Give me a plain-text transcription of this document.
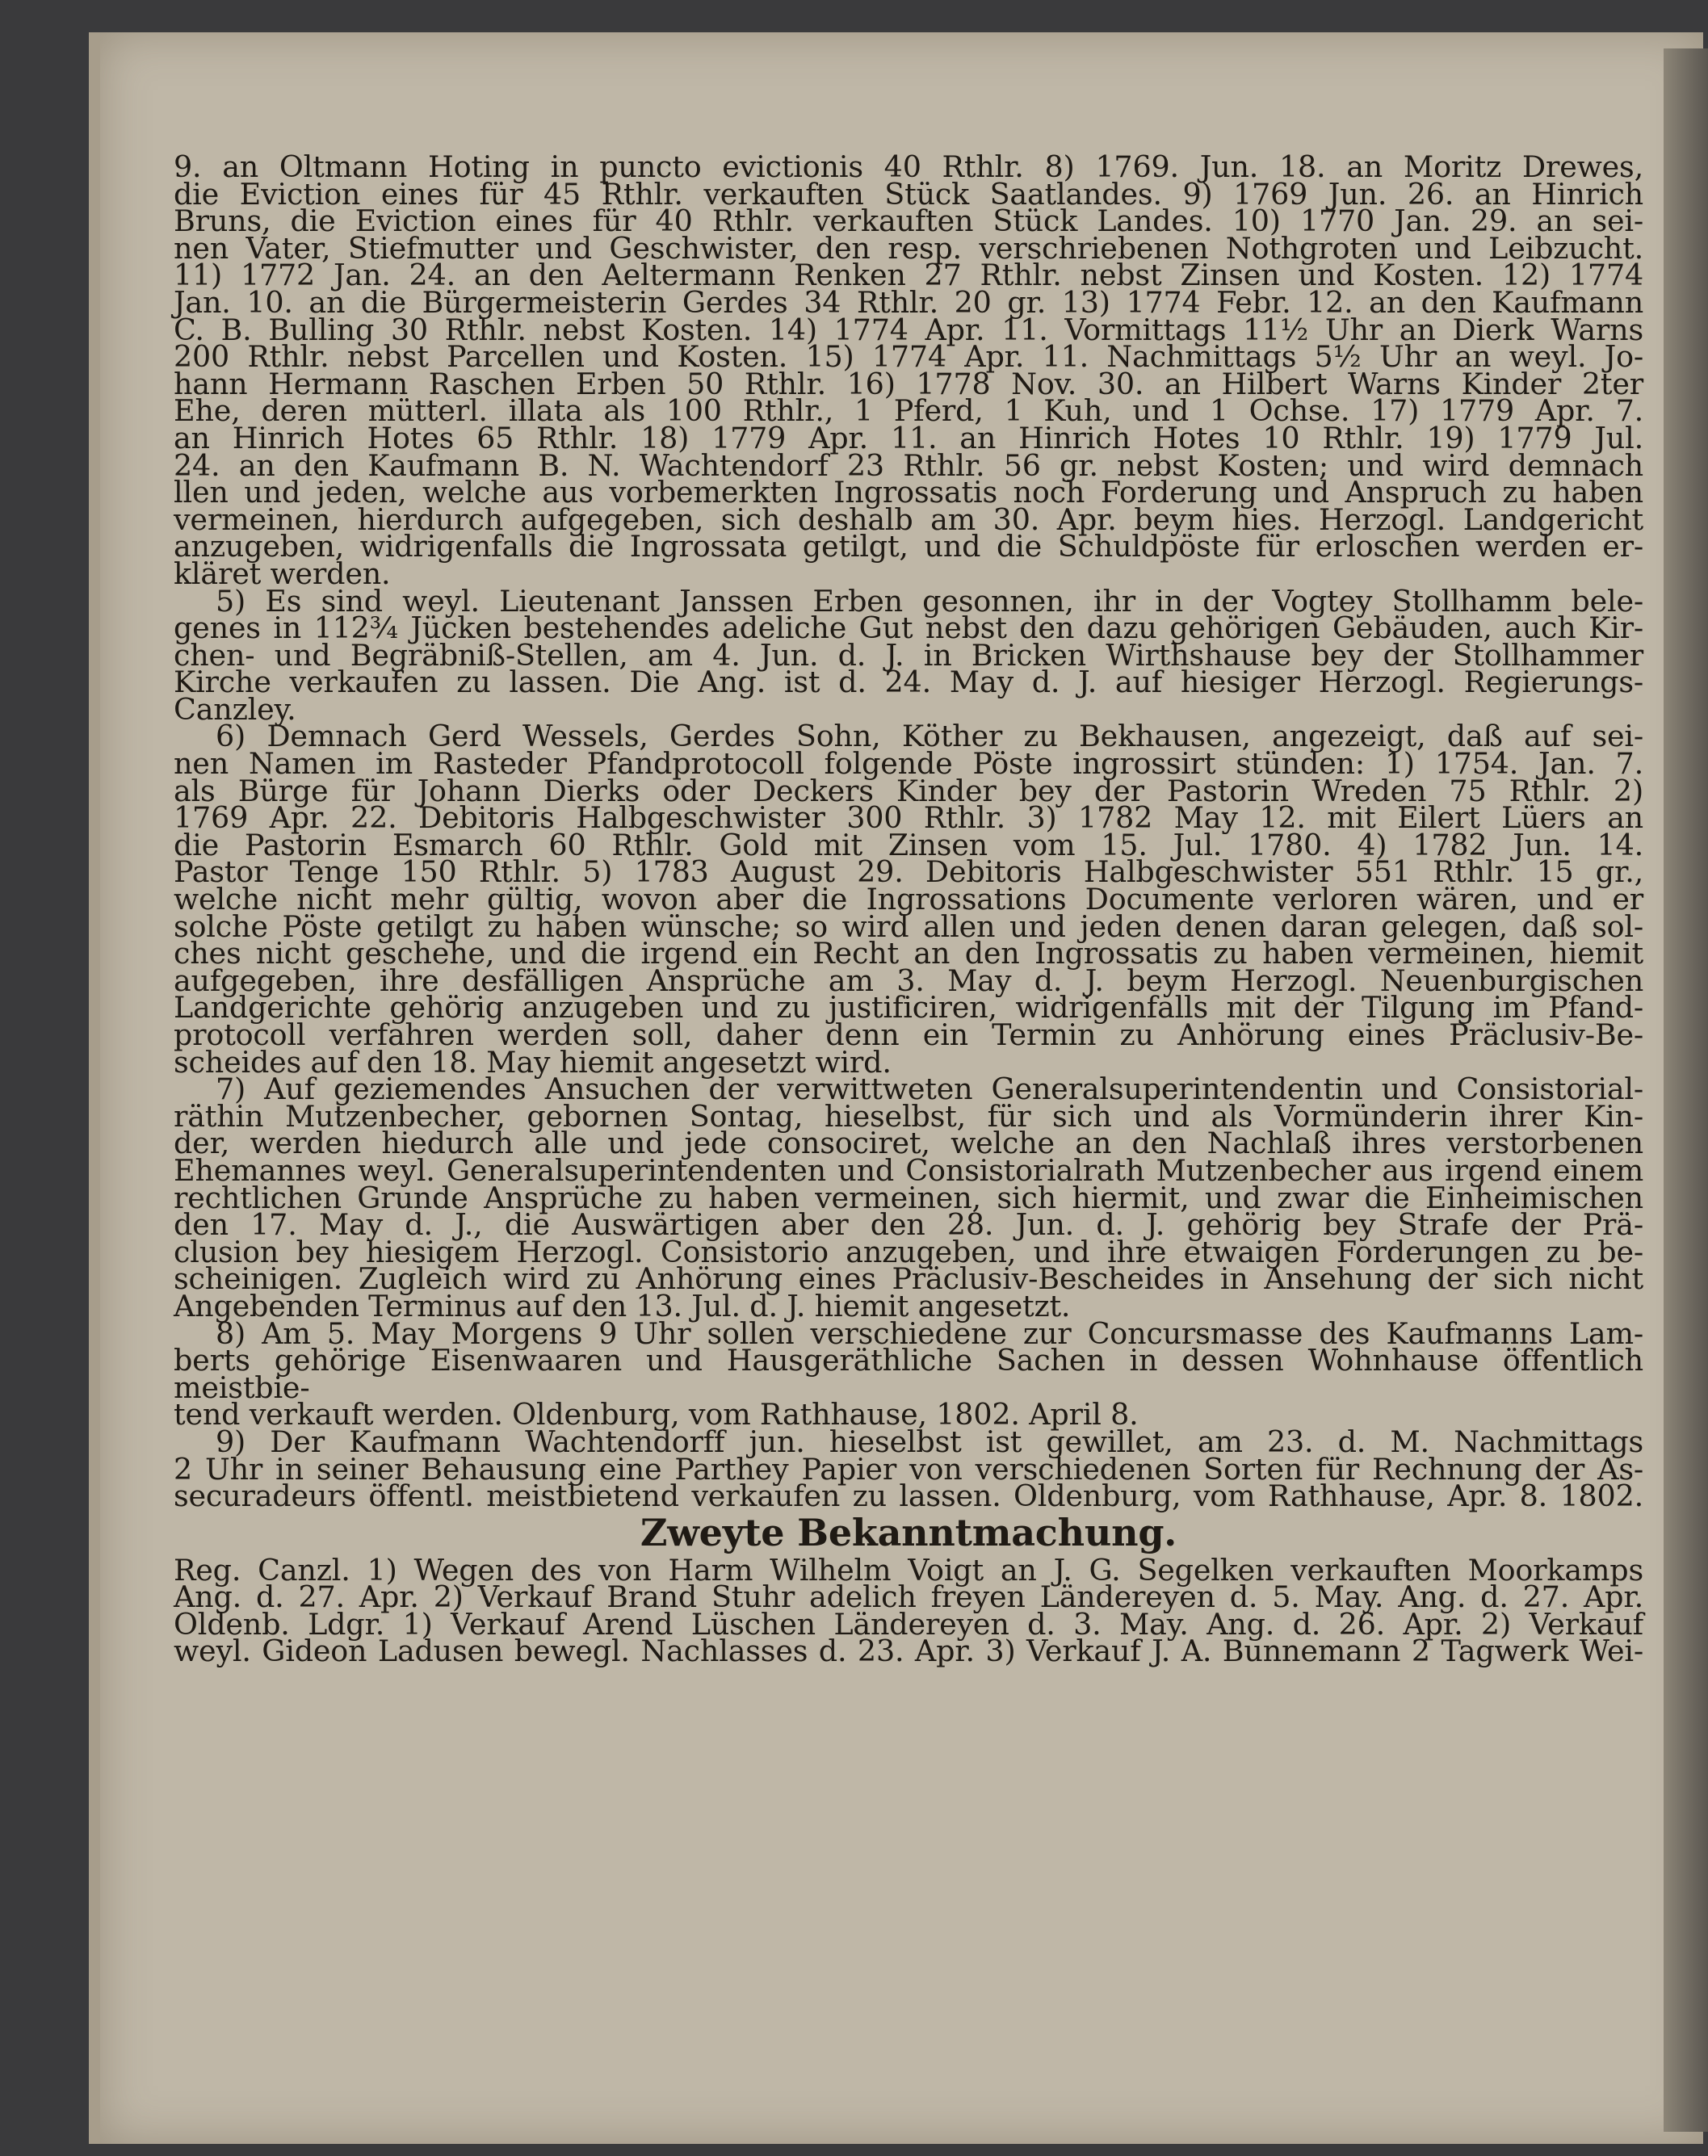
9. an Oltmann Hoting in puncto evictionis 40 Rthlr. 8) 1769. Jun. 18. an Moritz Drewes,

die Eviction eines für 45 Rthlr. verkauften Stück Saatlandes. 9) 1769 Jun. 26. an Hinrich

Bruns, die Eviction eines für 40 Rthlr. verkauften Stück Landes. 10) 1770 Jan. 29. an sei-

nen Vater, Stiefmutter und Geschwister, den resp. verschriebenen Nothgroten und Leibzucht.

11) 1772 Jan. 24. an den Aeltermann Renken 27 Rthlr. nebst Zinsen und Kosten. 12) 1774

Jan. 10. an die Bürgermeisterin Gerdes 34 Rthlr. 20 gr. 13) 1774 Febr. 12. an den Kaufmann

C. B. Bulling 30 Rthlr. nebst Kosten. 14) 1774 Apr. 11. Vormittags 11½ Uhr an Dierk Warns

200 Rthlr. nebst Parcellen und Kosten. 15) 1774 Apr. 11. Nachmittags 5½ Uhr an weyl. Jo-

hann Hermann Raschen Erben 50 Rthlr. 16) 1778 Nov. 30. an Hilbert Warns Kinder 2ter

Ehe, deren mütterl. illata als 100 Rthlr., 1 Pferd, 1 Kuh, und 1 Ochse. 17) 1779 Apr. 7.

an Hinrich Hotes 65 Rthlr. 18) 1779 Apr. 11. an Hinrich Hotes 10 Rthlr. 19) 1779 Jul.

24. an den Kaufmann B. N. Wachtendorf 23 Rthlr. 56 gr. nebst Kosten; und wird demnach

llen und jeden, welche aus vorbemerkten Ingrossatis noch Forderung und Anspruch zu haben

vermeinen, hierdurch aufgegeben, sich deshalb am 30. Apr. beym hies. Herzogl. Landgericht

anzugeben, widrigenfalls die Ingrossata getilgt, und die Schuldpöste für erloschen werden er-

kläret werden.

5) Es sind weyl. Lieutenant Janssen Erben gesonnen, ihr in der Vogtey Stollhamm bele-

genes in 112¾ Jücken bestehendes adeliche Gut nebst den dazu gehörigen Gebäuden, auch Kir-

chen- und Begräbniß-Stellen, am 4. Jun. d. J. in Bricken Wirthshause bey der Stollhammer

Kirche verkaufen zu lassen. Die Ang. ist d. 24. May d. J. auf hiesiger Herzogl. Regierungs-

Canzley.

6) Demnach Gerd Wessels, Gerdes Sohn, Köther zu Bekhausen, angezeigt, daß auf sei-

nen Namen im Rasteder Pfandprotocoll folgende Pöste ingrossirt stünden: 1) 1754. Jan. 7.

als Bürge für Johann Dierks oder Deckers Kinder bey der Pastorin Wreden 75 Rthlr. 2)

1769 Apr. 22. Debitoris Halbgeschwister 300 Rthlr. 3) 1782 May 12. mit Eilert Lüers an

die Pastorin Esmarch 60 Rthlr. Gold mit Zinsen vom 15. Jul. 1780. 4) 1782 Jun. 14.

Pastor Tenge 150 Rthlr. 5) 1783 August 29. Debitoris Halbgeschwister 551 Rthlr. 15 gr.,

welche nicht mehr gültig, wovon aber die Ingrossations Documente verloren wären, und er

solche Pöste getilgt zu haben wünsche; so wird allen und jeden denen daran gelegen, daß sol-

ches nicht geschehe, und die irgend ein Recht an den Ingrossatis zu haben vermeinen, hiemit

aufgegeben, ihre desfälligen Ansprüche am 3. May d. J. beym Herzogl. Neuenburgischen

Landgerichte gehörig anzugeben und zu justificiren, widrigenfalls mit der Tilgung im Pfand-

protocoll verfahren werden soll, daher denn ein Termin zu Anhörung eines Präclusiv-Be-

scheides auf den 18. May hiemit angesetzt wird.

7) Auf geziemendes Ansuchen der verwittweten Generalsuperintendentin und Consistorial-

räthin Mutzenbecher, gebornen Sontag, hieselbst, für sich und als Vormünderin ihrer Kin-

der, werden hiedurch alle und jede consociret, welche an den Nachlaß ihres verstorbenen

Ehemannes weyl. Generalsuperintendenten und Consistorialrath Mutzenbecher aus irgend einem

rechtlichen Grunde Ansprüche zu haben vermeinen, sich hiermit, und zwar die Einheimischen

den 17. May d. J., die Auswärtigen aber den 28. Jun. d. J. gehörig bey Strafe der Prä-

clusion bey hiesigem Herzogl. Consistorio anzugeben, und ihre etwaigen Forderungen zu be-

scheinigen. Zugleich wird zu Anhörung eines Präclusiv-Bescheides in Ansehung der sich nicht

Angebenden Terminus auf den 13. Jul. d. J. hiemit angesetzt.

8) Am 5. May Morgens 9 Uhr sollen verschiedene zur Concursmasse des Kaufmanns Lam-

berts gehörige Eisenwaaren und Hausgeräthliche Sachen in dessen Wohnhause öffentlich meistbie-

tend verkauft werden. Oldenburg, vom Rathhause, 1802. April 8.

9) Der Kaufmann Wachtendorff jun. hieselbst ist gewillet, am 23. d. M. Nachmittags

2 Uhr in seiner Behausung eine Parthey Papier von verschiedenen Sorten für Rechnung der As-

securadeurs öffentl. meistbietend verkaufen zu lassen. Oldenburg, vom Rathhause, Apr. 8. 1802.

Zweyte Bekanntmachung.

Reg. Canzl. 1) Wegen des von Harm Wilhelm Voigt an J. G. Segelken verkauften Moorkamps

Ang. d. 27. Apr. 2) Verkauf Brand Stuhr adelich freyen Ländereyen d. 5. May. Ang. d. 27. Apr.

Oldenb. Ldgr. 1) Verkauf Arend Lüschen Ländereyen d. 3. May. Ang. d. 26. Apr. 2) Verkauf

weyl. Gideon Ladusen bewegl. Nachlasses d. 23. Apr. 3) Verkauf J. A. Bunnemann 2 Tagwerk Wei-
